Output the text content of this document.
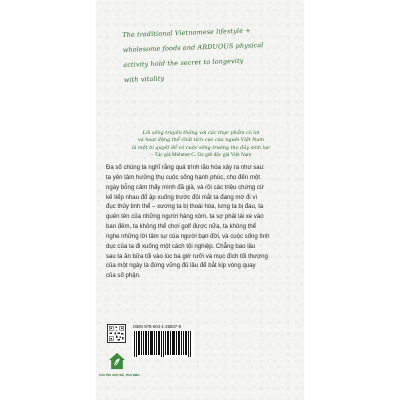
The traditional Vietnamese lifestyle +
wholesome foods and ARDUOUS physical
activity hold the secret to longevity
with vitality
Lối sống truyền thống với các thực phẩm có lợi
và hoạt động thể chất tích cực của người Việt Nam
là một bí quyết để có cuộc sống trường thọ đầy sinh lực
– Tác giả Mehmet C. Oz gửi độc giả Việt Nam
Đa số chúng ta nghĩ rằng quá trình lão hóa xảy ra như sau:
ta yên tâm hưởng thụ cuộc sống hạnh phúc, cho đến một
ngày bỗng cảm thấy mình đã già, và rồi các triệu chứng cứ
kế tiếp nhau đổ ập xuống trước đôi mắt ta đang mờ đi vì
đục thủy tinh thể – xương ta bị thoái hóa, lưng ta bị đau, ta
quên tên của những người hàng xóm, ta sợ phải lái xe vào
ban đêm, ta không thể chơi golf được nữa, ta không thể
nghe những lời tâm sự của người bạn đời, và cuộc sống tình
dục của ta đi xuống một cách tội nghiệp. Chẳng bao lâu
sau ta ăn bữa tối vào lúc ba giờ rưỡi và mục đích tối thượng
của một ngày là đứng vững đủ lâu để bắt kịp vòng quay
của số phận.
CÂU TÍM, GIÁT MÃ, TÍCH BIỂN
ISBN 978-604-1-25837-9
